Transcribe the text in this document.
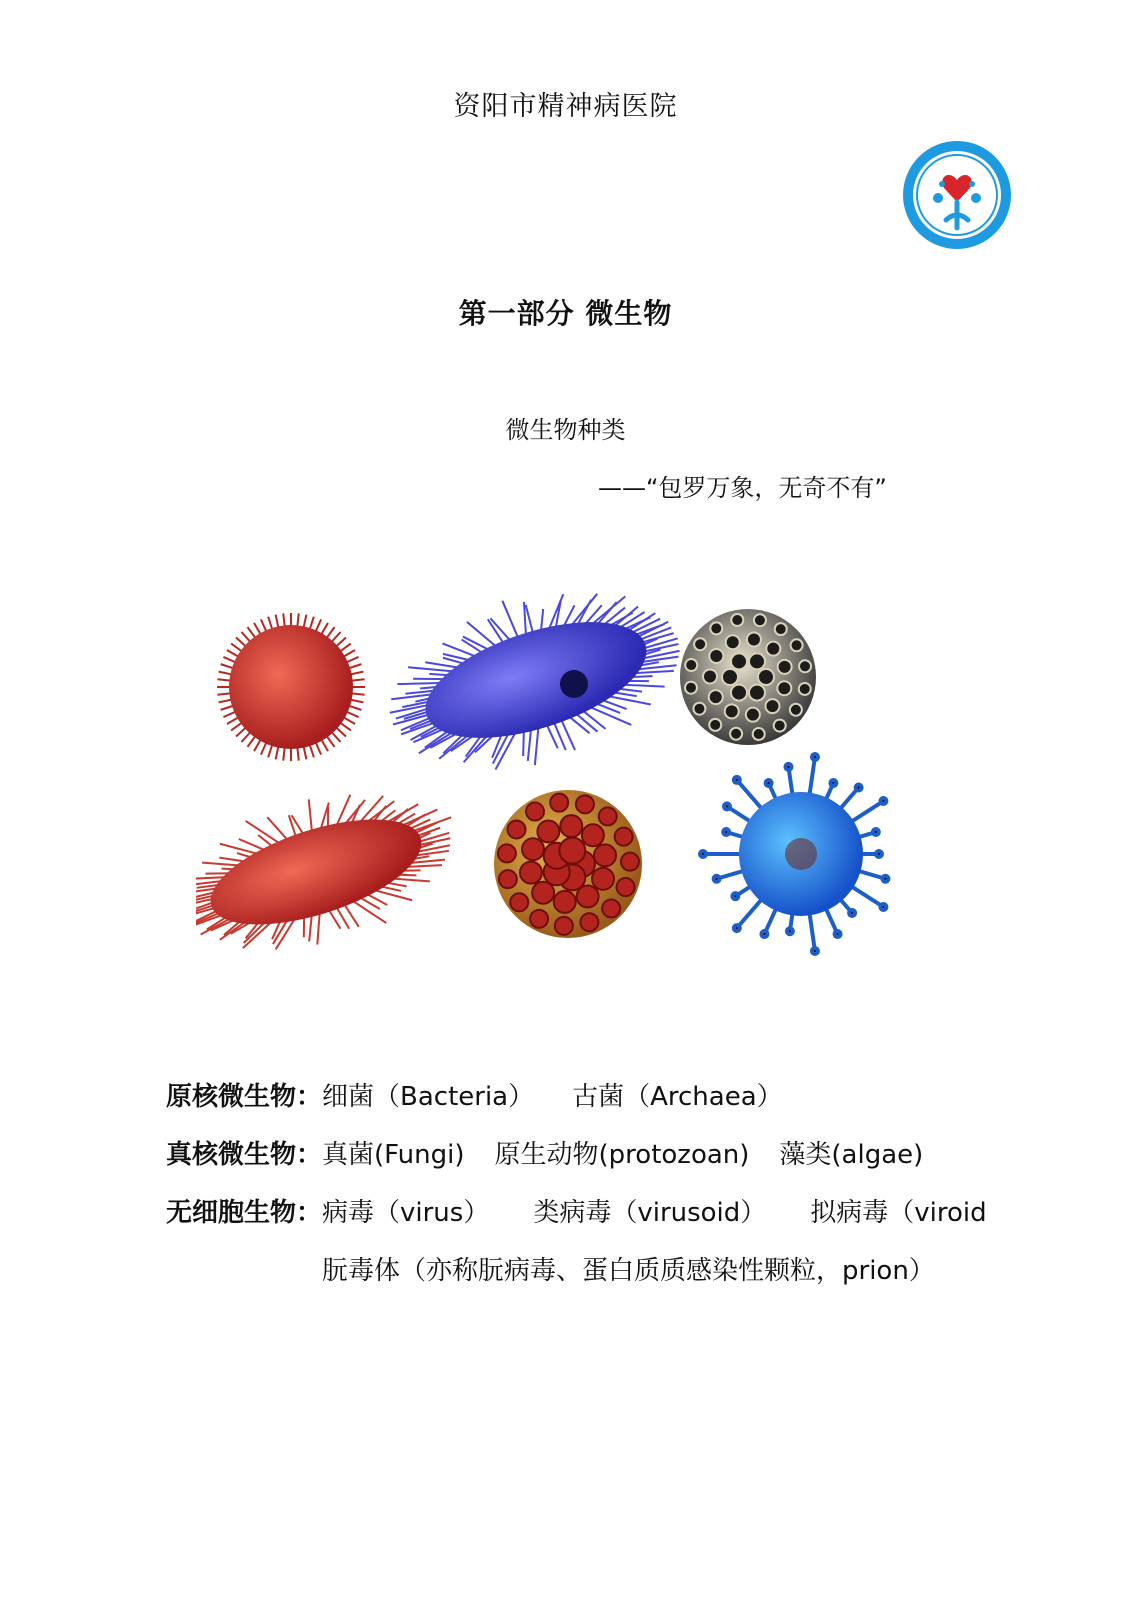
资阳市精神病医院
第一部分 微生物
微生物种类
——“包罗万象，无奇不有”
原核微生物：细菌（Bacteria） 古菌（Archaea）
真核微生物：真菌(Fungi) 原生动物(protozoan) 藻类(algae)
无细胞生物：病毒（virus） 类病毒（virusoid） 拟病毒（viroid
朊毒体（亦称朊病毒、蛋白质质感染性颗粒，prion）
